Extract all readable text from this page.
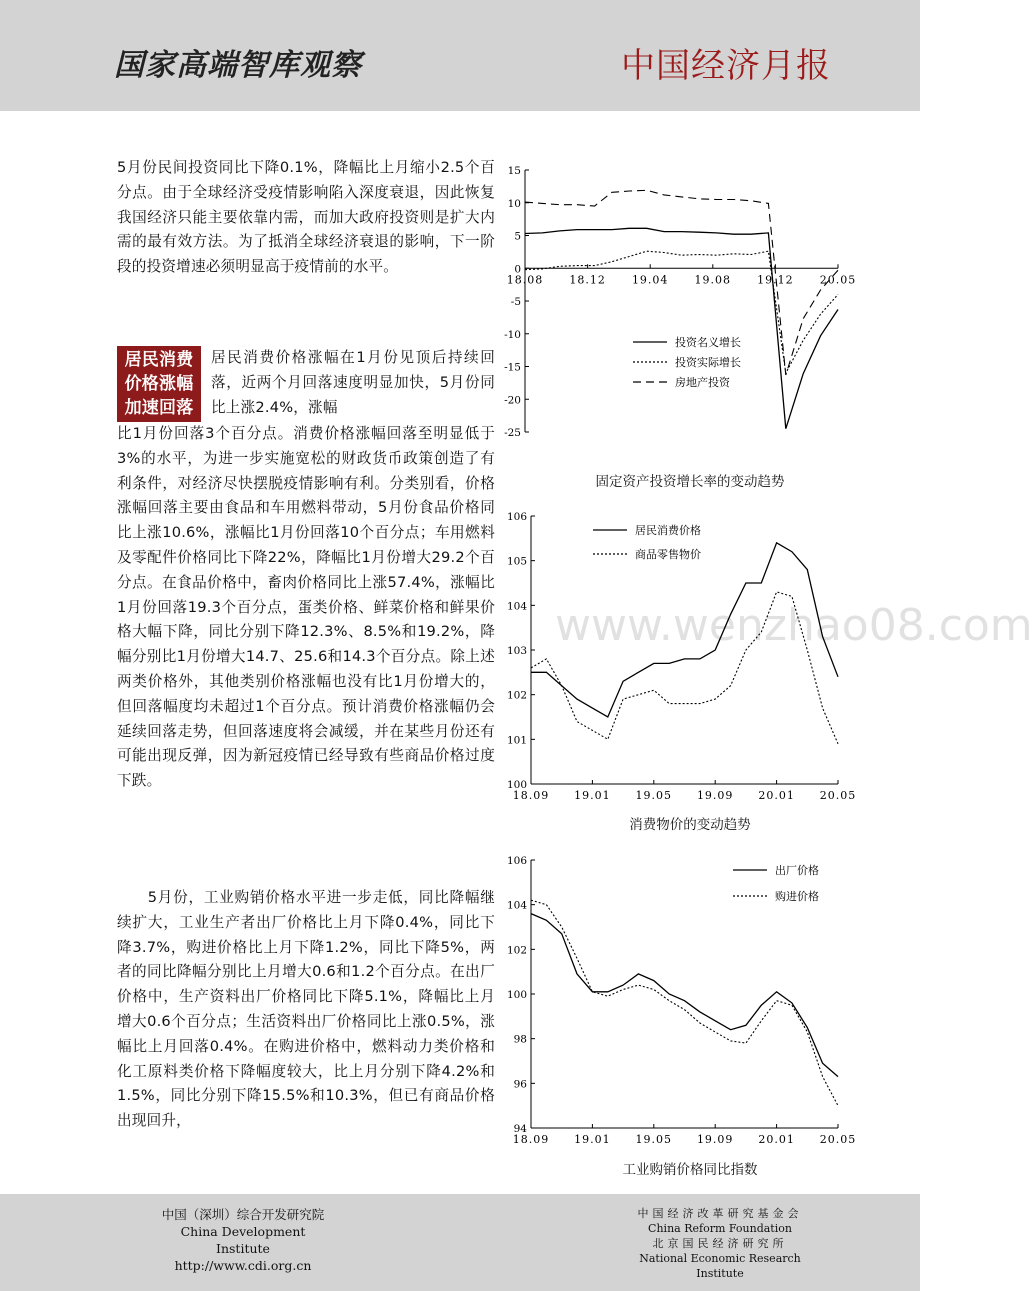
国家高端智库观察	中国经济月报

5月份民间投资同比下降0.1%，降幅比上月缩小2.5个百分点。由于全球经济受疫情影响陷入深度衰退，因此恢复我国经济只能主要依靠内需，而加大政府投资则是扩大内需的最有效方法。为了抵消全球经济衰退的影响，下一阶段的投资增速必须明显高于疫情前的水平。

居民消费
价格涨幅
加速回落

居民消费价格涨幅在1月份见顶后持续回落，近两个月回落速度明显加快，5月份同比上涨2.4%，涨幅

比1月份回落3个百分点。消费价格涨幅回落至明显低于3%的水平，为进一步实施宽松的财政货币政策创造了有利条件，对经济尽快摆脱疫情影响有利。分类别看，价格涨幅回落主要由食品和车用燃料带动，5月份食品价格同比上涨10.6%，涨幅比1月份回落10个百分点；车用燃料及零配件价格同比下降22%，降幅比1月份增大29.2个百分点。在食品价格中，畜肉价格同比上涨57.4%，涨幅比1月份回落19.3个百分点，蛋类价格、鲜菜价格和鲜果价格大幅下降，同比分别下降12.3%、8.5%和19.2%，降幅分别比1月份增大14.7、25.6和14.3个百分点。除上述两类价格外，其他类别价格涨幅也没有比1月份增大的，但回落幅度均未超过1个百分点。预计消费价格涨幅仍会延续回落走势，但回落速度将会减缓，并在某些月份还有可能出现反弹，因为新冠疫情已经导致有些商品价格过度下跌。

　　5月份，工业购销价格水平进一步走低，同比降幅继续扩大，工业生产者出厂价格比上月下降0.4%，同比下降3.7%，购进价格比上月下降1.2%，同比下降5%，两者的同比降幅分别比上月增大0.6和1.2个百分点。在出厂价格中，生产资料出厂价格同比下降5.1%，降幅比上月增大0.6个百分点；生活资料出厂价格同比上涨0.5%，涨幅比上月回落0.4%。在购进价格中，燃料动力类价格和化工原料类价格下降幅度较大，比上月分别下降4.2%和1.5%，同比分别下降15.5%和10.3%，但已有商品价格出现回升，

www.wenzhao08.com
15
10
5
0
-5
-10
-15
-20
-25
18.08 18.12 19.04 19.08 19.12 20.05
投资名义增长
投资实际增长
房地产投资
固定资产投资增长率的变动趋势
106
105
104
103
102
101
100
18.09 19.01 19.05 19.09 20.01 20.05
居民消费价格
商品零售物价
消费物价的变动趋势
106
104
102
100
98
96
94
18.09 19.01 19.05 19.09 20.01 20.05
出厂价格
购进价格
工业购销价格同比指数
中国（深圳）综合开发研究院
China Development Institute
http://www.cdi.org.cn
中国经济改革研究基金会
China Reform Foundation
北京国民经济研究所
National Economic Research Institute
